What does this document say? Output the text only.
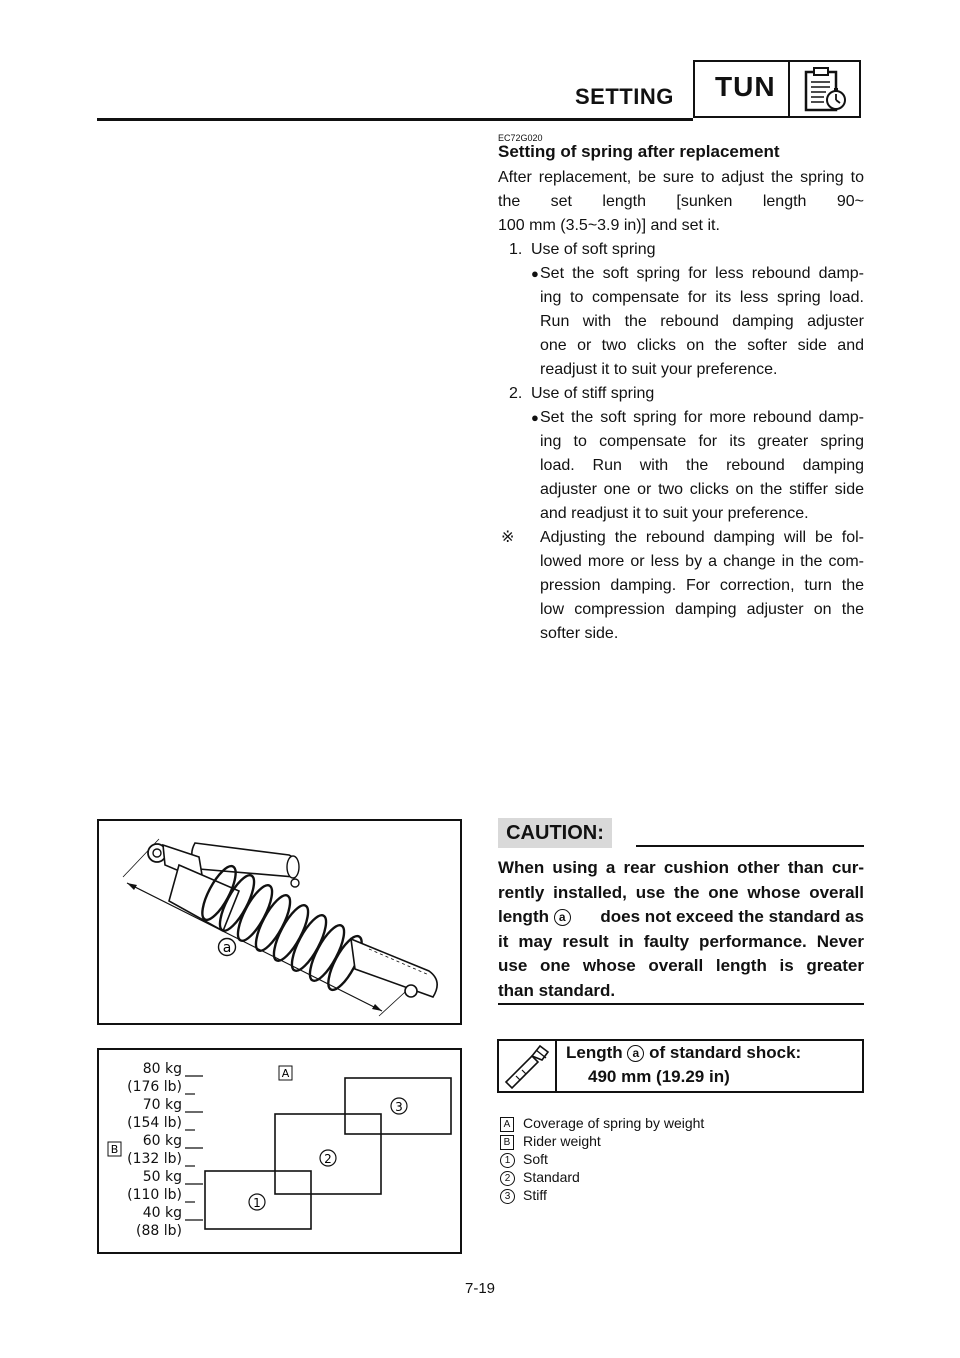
SETTING TUN
EC72G020
Setting of spring after replacement
After replacement, be sure to adjust the spring to
the set length [sunken length 90~
100 mm (3.5~3.9 in)] and set it.
1. Use of soft spring
● Set the soft spring for less rebound damp-
ing to compensate for its less spring load.
Run with the rebound damping adjuster
one or two clicks on the softer side and
readjust it to suit your preference.
2. Use of stiff spring
● Set the soft spring for more rebound damp-
ing to compensate for its greater spring
load. Run with the rebound damping
adjuster one or two clicks on the stiffer side
and readjust it to suit your preference.
※ Adjusting the rebound damping will be fol-
lowed more or less by a change in the com-
pression damping. For correction, turn the
low compression damping adjuster on the
softer side.
a
80 kg
(176 lb)
70 kg
(154 lb)
60 kg
(132 lb)
50 kg
(110 lb)
40 kg
(88 lb)
A
B
1
2
3
CAUTION:
When using a rear cushion other than cur-
rently installed, use the one whose overall
length a	does not exceed the standard as
it may result in faulty performance. Never
use one whose overall length is greater
than standard.
Length a of standard shock:
490 mm (19.29 in)
A Coverage of spring by weight
B Rider weight
1 Soft
2 Standard
3 Stiff
7-19
